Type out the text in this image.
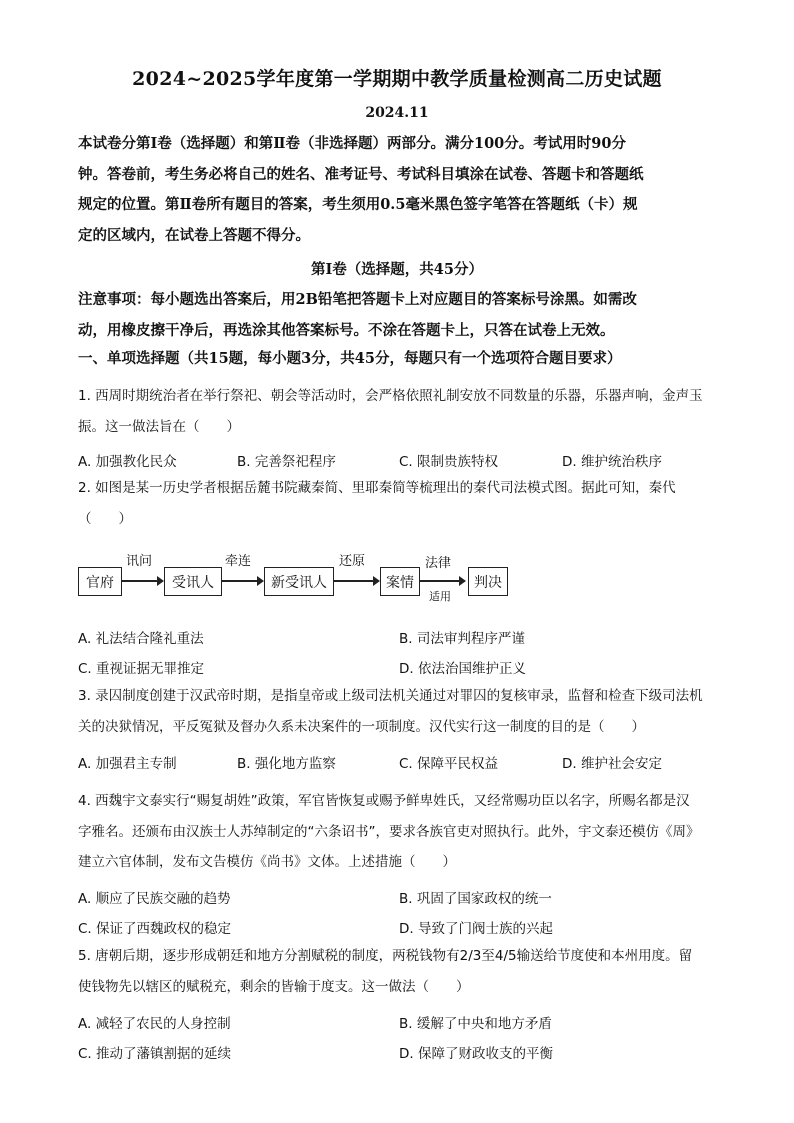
2024~2025学年度第一学期期中教学质量检测高二历史试题
2024.11
本试卷分第Ⅰ卷（选择题）和第Ⅱ卷（非选择题）两部分。满分100分。考试用时90分
钟。答卷前，考生务必将自己的姓名、准考证号、考试科目填涂在试卷、答题卡和答题纸
规定的位置。第Ⅱ卷所有题目的答案，考生须用0.5毫米黑色签字笔答在答题纸（卡）规
定的区域内，在试卷上答题不得分。
第Ⅰ卷（选择题，共45分）
注意事项：每小题选出答案后，用2B铅笔把答题卡上对应题目的答案标号涂黑。如需改
动，用橡皮擦干净后，再选涂其他答案标号。不涂在答题卡上，只答在试卷上无效。
一、单项选择题（共15题，每小题3分，共45分，每题只有一个选项符合题目要求）
1. 西周时期统治者在举行祭祀、朝会等活动时，会严格依照礼制安放不同数量的乐器，乐器声响，金声玉
振。这一做法旨在（　　）
A. 加强教化民众	B. 完善祭祀程序	C. 限制贵族特权	D. 维护统治秩序
2. 如图是某一历史学者根据岳麓书院藏秦简、里耶秦简等梳理出的秦代司法模式图。据此可知，秦代
（　　）
官府
讯问
受讯人
牵连
新受讯人
还原
案情
法律
适用
判决
A. 礼法结合隆礼重法	B. 司法审判程序严谨
C. 重视证据无罪推定	D. 依法治国维护正义
3. 录囚制度创建于汉武帝时期，是指皇帝或上级司法机关通过对罪囚的复核审录，监督和检查下级司法机
关的决狱情况，平反冤狱及督办久系未决案件的一项制度。汉代实行这一制度的目的是（　　）
A. 加强君主专制	B. 强化地方监察	C. 保障平民权益	D. 维护社会安定
4. 西魏宇文泰实行“赐复胡姓”政策，军官皆恢复或赐予鲜卑姓氏，又经常赐功臣以名字，所赐名都是汉
字雅名。还颁布由汉族士人苏绰制定的“六条诏书”，要求各族官吏对照执行。此外，宇文泰还模仿《周》
建立六官体制，发布文告模仿《尚书》文体。上述措施（　　）
A. 顺应了民族交融的趋势	B. 巩固了国家政权的统一
C. 保证了西魏政权的稳定	D. 导致了门阀士族的兴起
5. 唐朝后期，逐步形成朝廷和地方分割赋税的制度，两税钱物有2/3至4/5输送给节度使和本州用度。留
使钱物先以辖区的赋税充，剩余的皆输于度支。这一做法（　　）
A. 减轻了农民的人身控制	B. 缓解了中央和地方矛盾
C. 推动了藩镇割据的延续	D. 保障了财政收支的平衡
